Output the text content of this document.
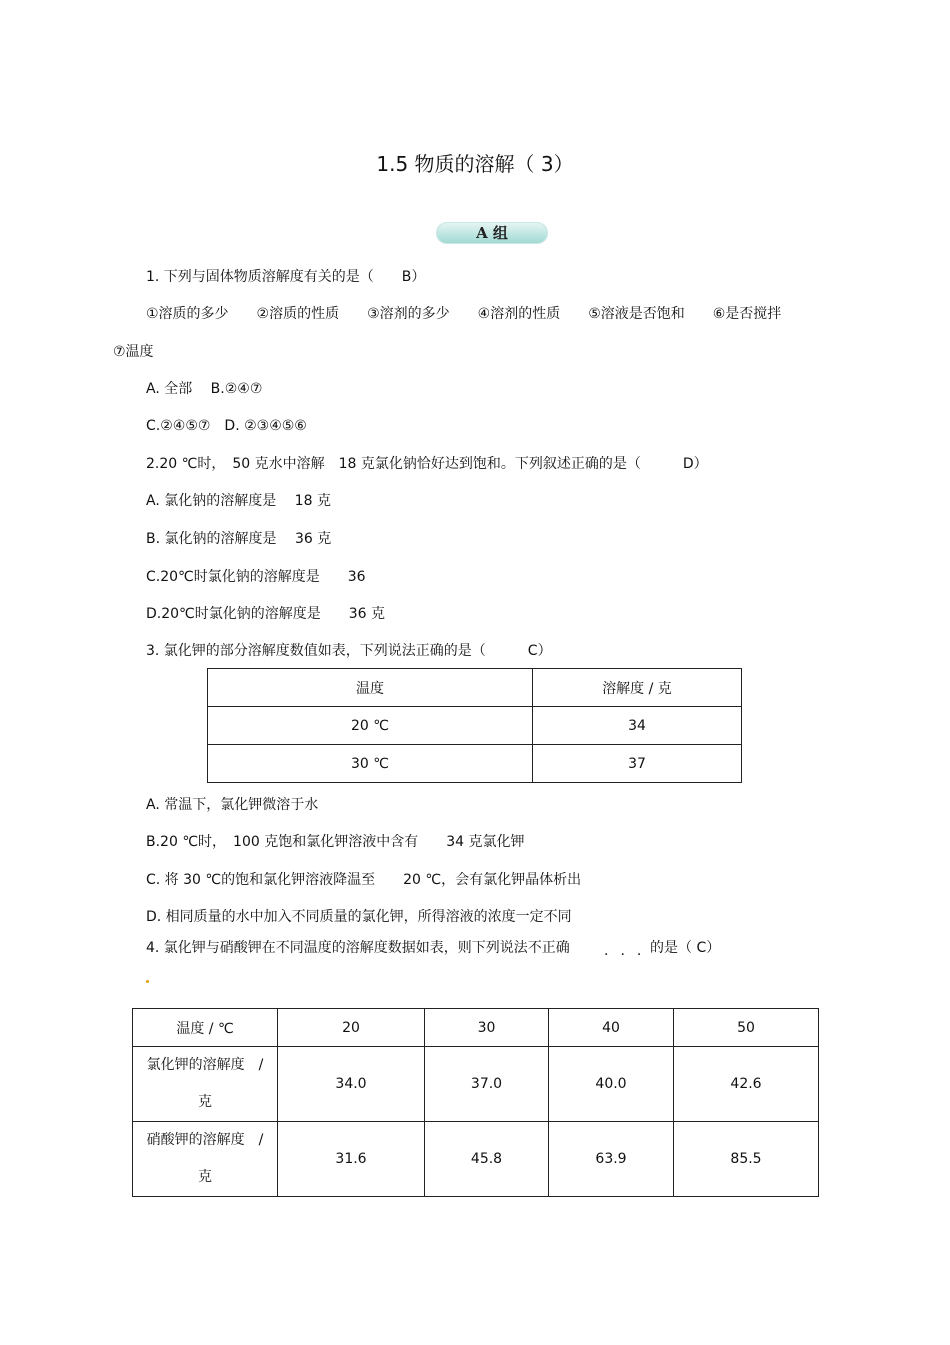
1.5 物质的溶解（ 3）
A 组
1. 下列与固体物质溶解度有关的是（　　B）
①溶质的多少　　②溶质的性质　　③溶剂的多少　　④溶剂的性质　　⑤溶液是否饱和　　⑥是否搅拌
⑦温度
A. 全部　 B.②④⑦
C.②④⑤⑦　D. ②③④⑤⑥
2.20 ℃时，　50 克水中溶解　18 克氯化钠恰好达到饱和。下列叙述正确的是（　　　D）
A. 氯化钠的溶解度是　 18 克
B. 氯化钠的溶解度是　 36 克
C.20℃时氯化钠的溶解度是　　36
D.20℃时氯化钠的溶解度是　　36 克
3. 氯化钾的部分溶解度数值如表，下列说法正确的是（　　　C）
温度	溶解度 / 克
20 ℃	34
30 ℃	37
A. 常温下，氯化钾微溶于水
B.20 ℃时，　100 克饱和氯化钾溶液中含有　　34 克氯化钾
C. 将 30 ℃的饱和氯化钾溶液降温至　　20 ℃，会有氯化钾晶体析出
D. 相同质量的水中加入不同质量的氯化钾，所得溶液的浓度一定不同
4. 氯化钾与硝酸钾在不同温度的溶解度数据如表，则下列说法不正确 ...
的是（ C）
温度 / ℃	20	30	40	50

氯化钾的溶解度　/
克	34.0	37.0	40.0	42.6

硝酸钾的溶解度　/
克	31.6	45.8	63.9	85.5
